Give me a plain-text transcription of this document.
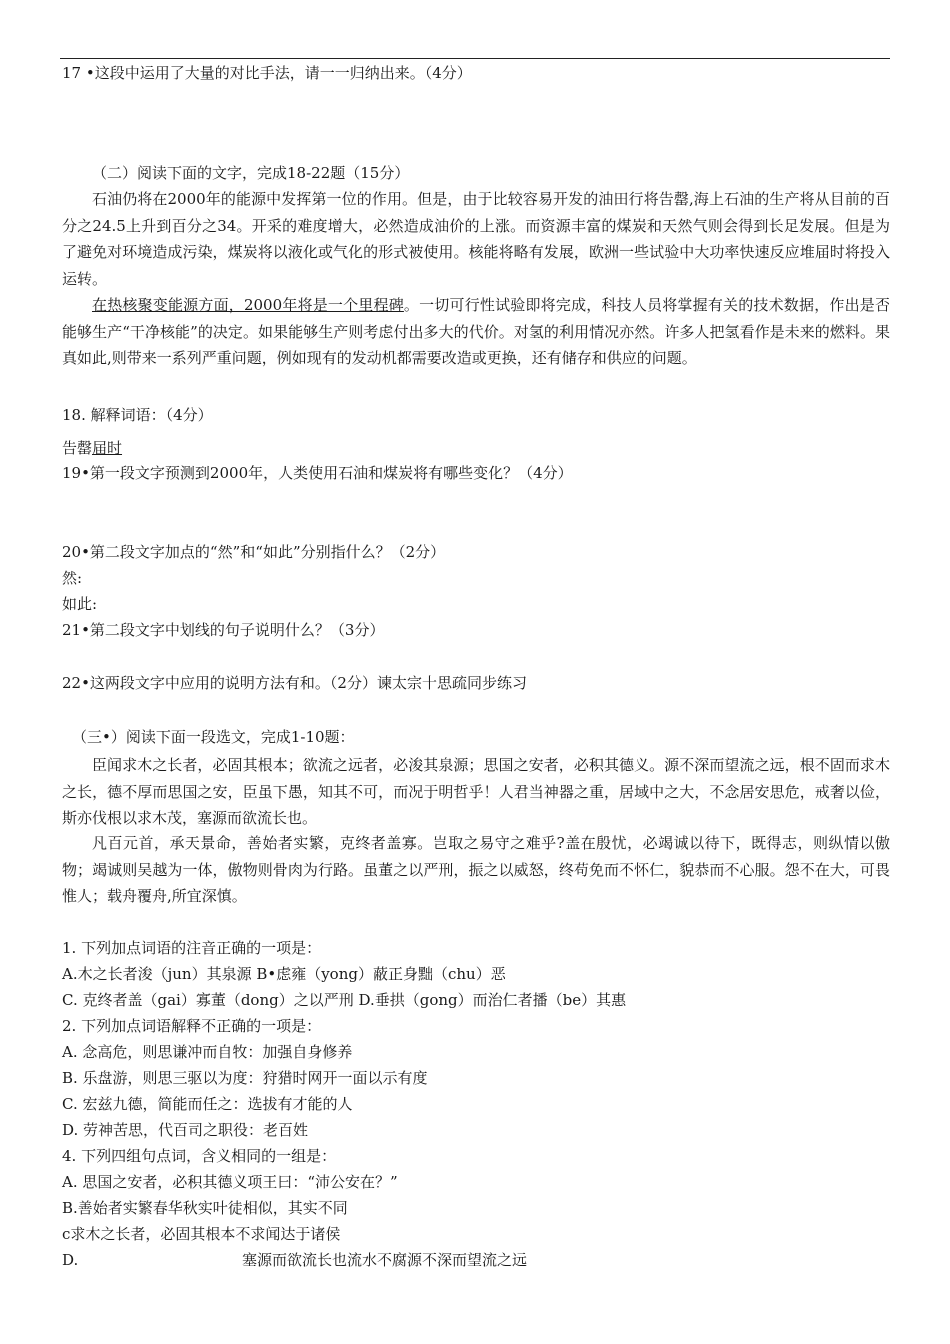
17 •这段中运用了大量的对比手法，请一一归纳出来。（4分）
（二）阅读下面的文字，完成18-22题（15分）
石油仍将在2000年的能源中发挥第一位的作用。但是，由于比较容易开发的油田行将告罄,海上石油的生产将从目前的百分之24.5上升到百分之34。开采的难度增大，必然造成油价的上涨。而资源丰富的煤炭和天然气则会得到长足发展。但是为了避免对环境造成污染，煤炭将以液化或气化的形式被使用。核能将略有发展，欧洲一些试验中大功率快速反应堆届时将投入运转。
在热核聚变能源方面，2000年将是一个里程碑。一切可行性试验即将完成，科技人员将掌握有关的技术数据，作出是否能够生产“干净核能”的决定。如果能够生产则考虑付出多大的代价。对氢的利用情况亦然。许多人把氢看作是未来的燃料。果真如此,则带来一系列严重问题，例如现有的发动机都需要改造或更换，还有储存和供应的问题。
18. 解释词语：（4分）
告罄届时
19•第一段文字预测到2000年，人类使用石油和煤炭将有哪些变化？（4分）
20•第二段文字加点的“然”和“如此”分别指什么？（2分）
然:
如此:
21•第二段文字中划线的句子说明什么？（3分）
22•这两段文字中应用的说明方法有和。（2分）谏太宗十思疏同步练习
（三•）阅读下面一段选文，完成1-10题：
臣闻求木之长者，必固其根本；欲流之远者，必浚其泉源；思国之安者，必积其德义。源不深而望流之远，根不固而求木之长，德不厚而思国之安，臣虽下愚，知其不可，而况于明哲乎！人君当神器之重，居域中之大，不念居安思危，戒奢以俭，斯亦伐根以求木茂，塞源而欲流长也。
凡百元首，承天景命，善始者实繁，克终者盖寡。岂取之易守之难乎?盖在殷忧，必竭诚以待下，既得志，则纵情以傲物；竭诚则吴越为一体，傲物则骨肉为行路。虽董之以严刑，振之以威怒，终苟免而不怀仁，貌恭而不心服。怨不在大，可畏惟人；载舟覆舟,所宜深慎。
1. 下列加点词语的注音正确的一项是：
A.木之长者浚（jun）其泉源 B•虑雍（yong）蔽正身黜（chu）恶
C. 克终者盖（gai）寡董（dong）之以严刑 D.垂拱（gong）而治仁者播（be）其惠
2. 下列加点词语解释不正确的一项是：
A. 念高危，则思谦冲而自牧：加强自身修养
B. 乐盘游，则思三驱以为度：狩猎时网开一面以示有度
C. 宏兹九德，简能而任之：选拔有才能的人
D. 劳神苦思，代百司之职役：老百姓
4. 下列四组句点词，含义相同的一组是：
A. 思国之安者，必积其德义项王曰：“沛公安在？”
B.善始者实繁春华秋实叶徒相似，其实不同
c求木之长者，必固其根本不求闻达于诸侯
D.	塞源而欲流长也流水不腐源不深而望流之远
